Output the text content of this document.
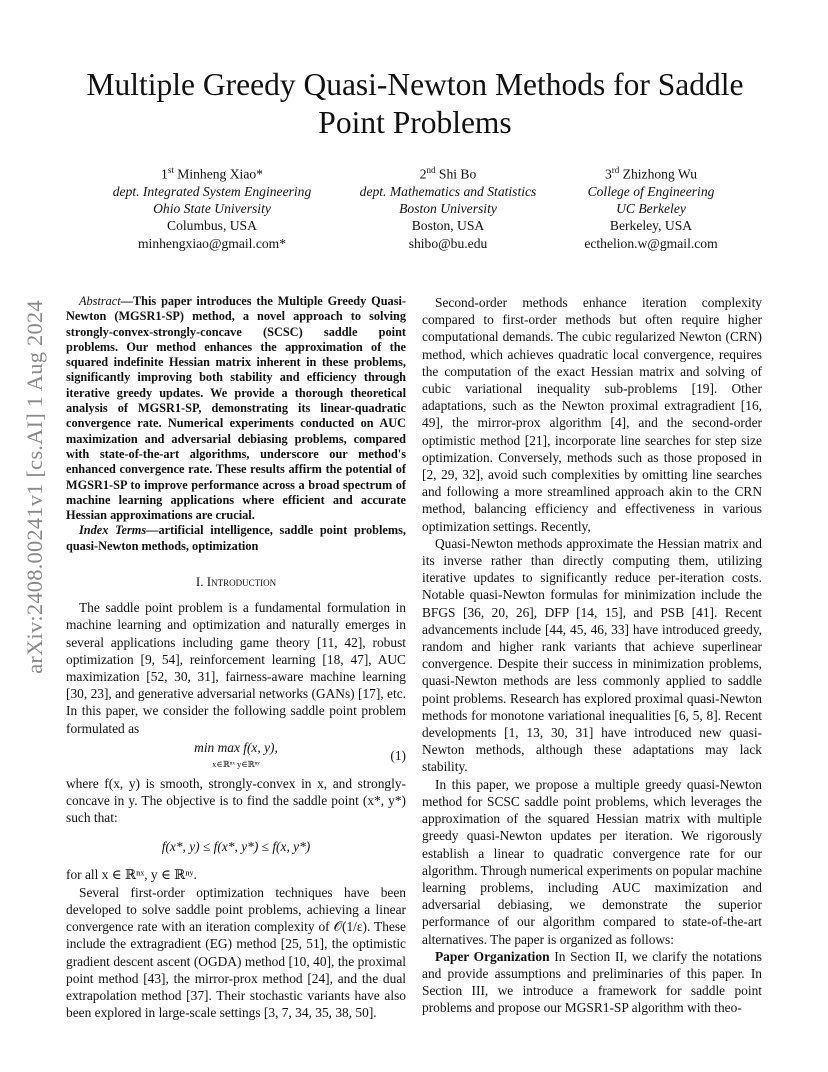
arXiv:2408.00241v1 [cs.AI] 1 Aug 2024
Multiple Greedy Quasi-Newton Methods for Saddle Point Problems
1st Minheng Xiao*
dept. Integrated System Engineering
Ohio State University
Columbus, USA
minhengxiao@gmail.com*
2nd Shi Bo
dept. Mathematics and Statistics
Boston University
Boston, USA
shibo@bu.edu
3rd Zhizhong Wu
College of Engineering
UC Berkeley
Berkeley, USA
ecthelion.w@gmail.com

Abstract—This paper introduces the Multiple Greedy Quasi-Newton (MGSR1-SP) method, a novel approach to solving strongly-convex-strongly-concave (SCSC) saddle point problems. Our method enhances the approximation of the squared indefinite Hessian matrix inherent in these problems, significantly improving both stability and efficiency through iterative greedy updates. We provide a thorough theoretical analysis of MGSR1-SP, demonstrating its linear-quadratic convergence rate. Numerical experiments conducted on AUC maximization and adversarial debiasing problems, compared with state-of-the-art algorithms, underscore our method's enhanced convergence rate. These results affirm the potential of MGSR1-SP to improve performance across a broad spectrum of machine learning applications where efficient and accurate Hessian approximations are crucial.

Index Terms—artificial intelligence, saddle point problems, quasi-Newton methods, optimization

I. Introduction

The saddle point problem is a fundamental formulation in machine learning and optimization and naturally emerges in several applications including game theory [11, 42], robust optimization [9, 54], reinforcement learning [18, 47], AUC maximization [52, 30, 31], fairness-aware machine learning [30, 23], and generative adversarial networks (GANs) [17], etc. In this paper, we consider the following saddle point problem formulated as

min max f(x, y),
x∈ℝⁿˣ y∈ℝⁿʸ
(1)

where f(x, y) is smooth, strongly-convex in x, and strongly-concave in y. The objective is to find the saddle point (x*, y*) such that:

f(x*, y) ≤ f(x*, y*) ≤ f(x, y*)

for all x ∈ ℝⁿˣ, y ∈ ℝⁿʸ.

Several first-order optimization techniques have been developed to solve saddle point problems, achieving a linear convergence rate with an iteration complexity of 𝒪(1/ε). These include the extragradient (EG) method [25, 51], the optimistic gradient descent ascent (OGDA) method [10, 40], the proximal point method [43], the mirror-prox method [24], and the dual extrapolation method [37]. Their stochastic variants have also been explored in large-scale settings [3, 7, 34, 35, 38, 50].

Second-order methods enhance iteration complexity compared to first-order methods but often require higher computational demands. The cubic regularized Newton (CRN) method, which achieves quadratic local convergence, requires the computation of the exact Hessian matrix and solving of cubic variational inequality sub-problems [19]. Other adaptations, such as the Newton proximal extragradient [16, 49], the mirror-prox algorithm [4], and the second-order optimistic method [21], incorporate line searches for step size optimization. Conversely, methods such as those proposed in [2, 29, 32], avoid such complexities by omitting line searches and following a more streamlined approach akin to the CRN method, balancing efficiency and effectiveness in various optimization settings. Recently,

Quasi-Newton methods approximate the Hessian matrix and its inverse rather than directly computing them, utilizing iterative updates to significantly reduce per-iteration costs. Notable quasi-Newton formulas for minimization include the BFGS [36, 20, 26], DFP [14, 15], and PSB [41]. Recent advancements include [44, 45, 46, 33] have introduced greedy, random and higher rank variants that achieve superlinear convergence. Despite their success in minimization problems, quasi-Newton methods are less commonly applied to saddle point problems. Research has explored proximal quasi-Newton methods for monotone variational inequalities [6, 5, 8]. Recent developments [1, 13, 30, 31] have introduced new quasi-Newton methods, although these adaptations may lack stability.

In this paper, we propose a multiple greedy quasi-Newton method for SCSC saddle point problems, which leverages the approximation of the squared Hessian matrix with multiple greedy quasi-Newton updates per iteration. We rigorously establish a linear to quadratic convergence rate for our algorithm. Through numerical experiments on popular machine learning problems, including AUC maximization and adversarial debiasing, we demonstrate the superior performance of our algorithm compared to state-of-the-art alternatives. The paper is organized as follows:

Paper Organization In Section II, we clarify the notations and provide assumptions and preliminaries of this paper. In Section III, we introduce a framework for saddle point problems and propose our MGSR1-SP algorithm with theo-
